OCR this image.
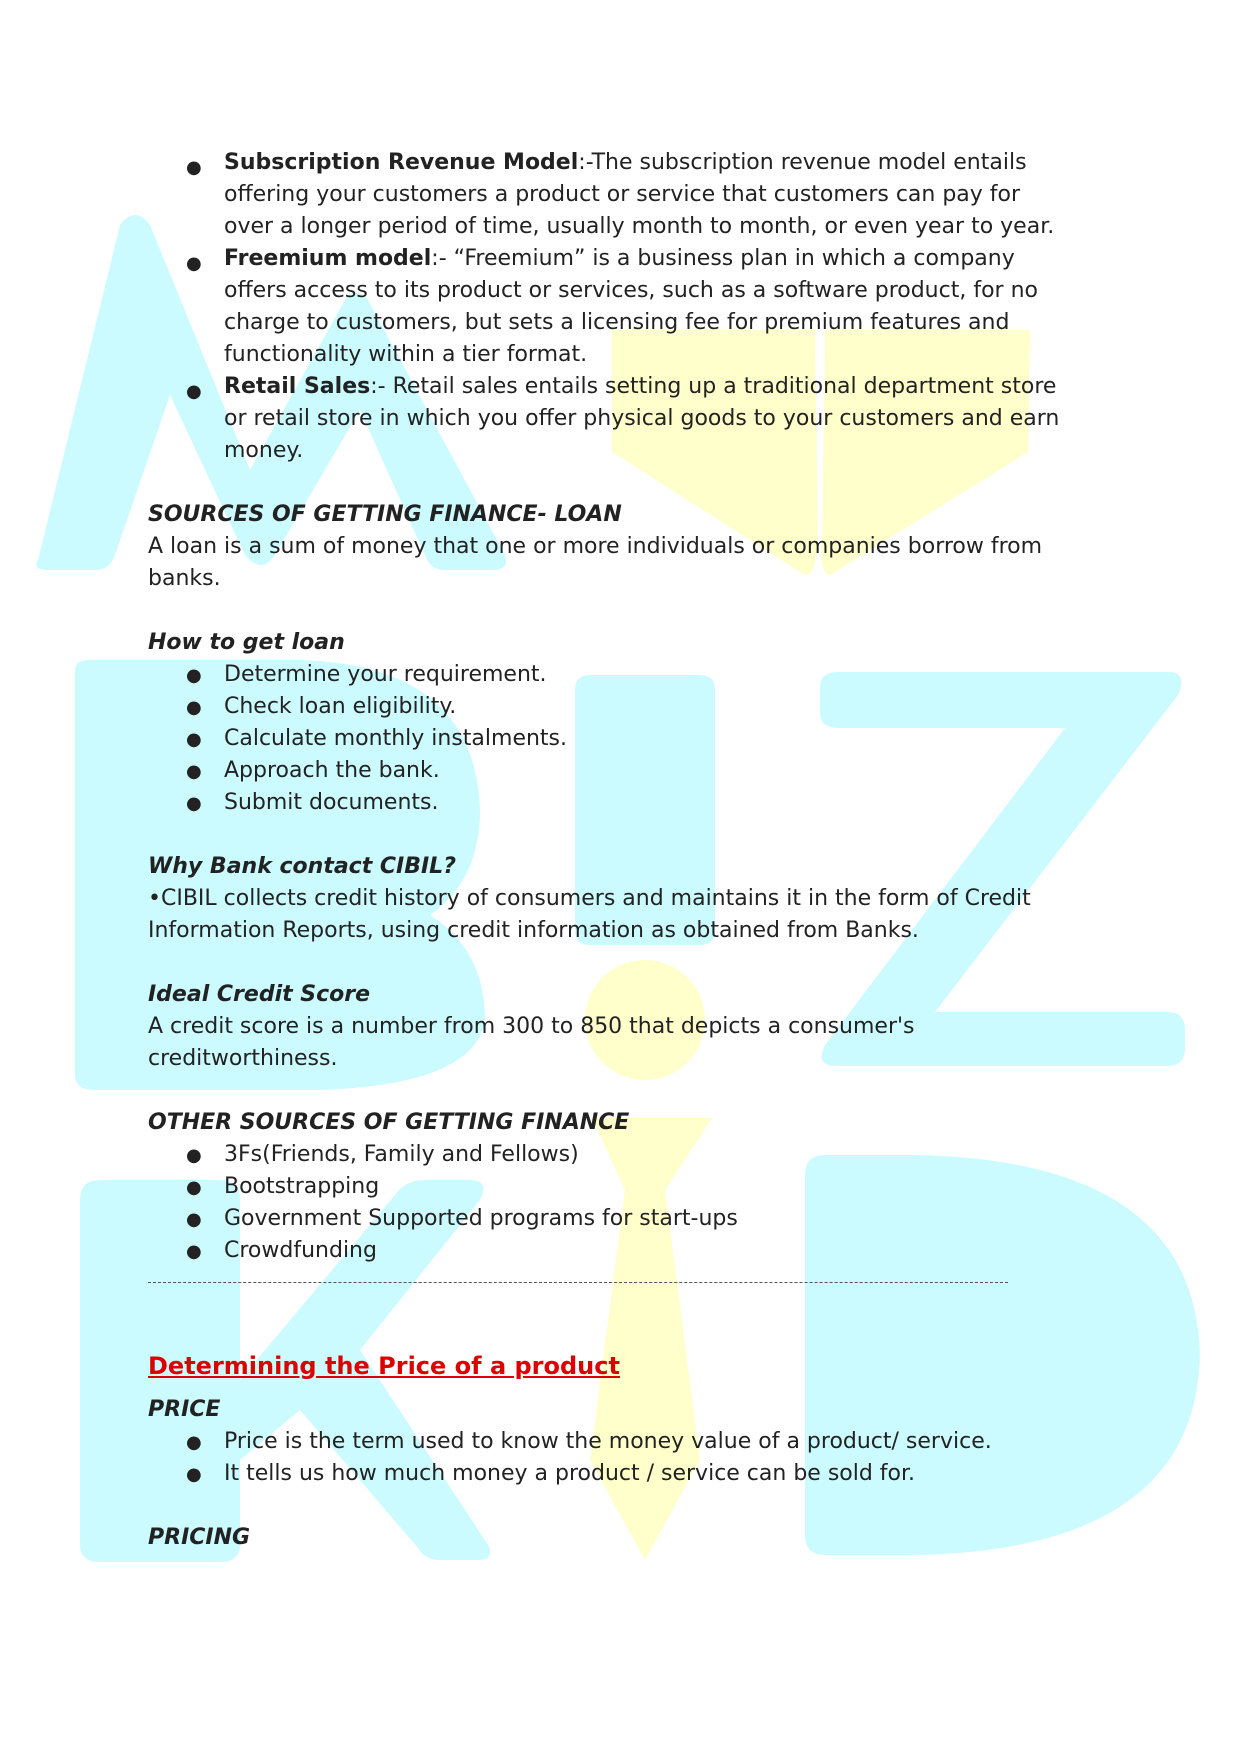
● Subscription Revenue Model:-The subscription revenue model entails

offering your customers a product or service that customers can pay for

over a longer period of time, usually month to month, or even year to year.

● Freemium model:- “Freemium” is a business plan in which a company

offers access to its product or services, such as a software product, for no

charge to customers, but sets a licensing fee for premium features and

functionality within a tier format.

● Retail Sales:- Retail sales entails setting up a traditional department store

or retail store in which you offer physical goods to your customers and earn

money.

SOURCES OF GETTING FINANCE- LOAN

A loan is a sum of money that one or more individuals or companies borrow from

banks.

How to get loan

● Determine your requirement.
● Check loan eligibility.
● Calculate monthly instalments.
● Approach the bank.
● Submit documents.

Why Bank contact CIBIL?

•CIBIL collects credit history of consumers and maintains it in the form of Credit

Information Reports, using credit information as obtained from Banks.

Ideal Credit Score

A credit score is a number from 300 to 850 that depicts a consumer's

creditworthiness.

OTHER SOURCES OF GETTING FINANCE

● 3Fs(Friends, Family and Fellows)
● Bootstrapping
● Government Supported programs for start-ups
● Crowdfunding

Determining the Price of a product

PRICE

● Price is the term used to know the money value of a product/ service.
● It tells us how much money a product / service can be sold for.

PRICING
